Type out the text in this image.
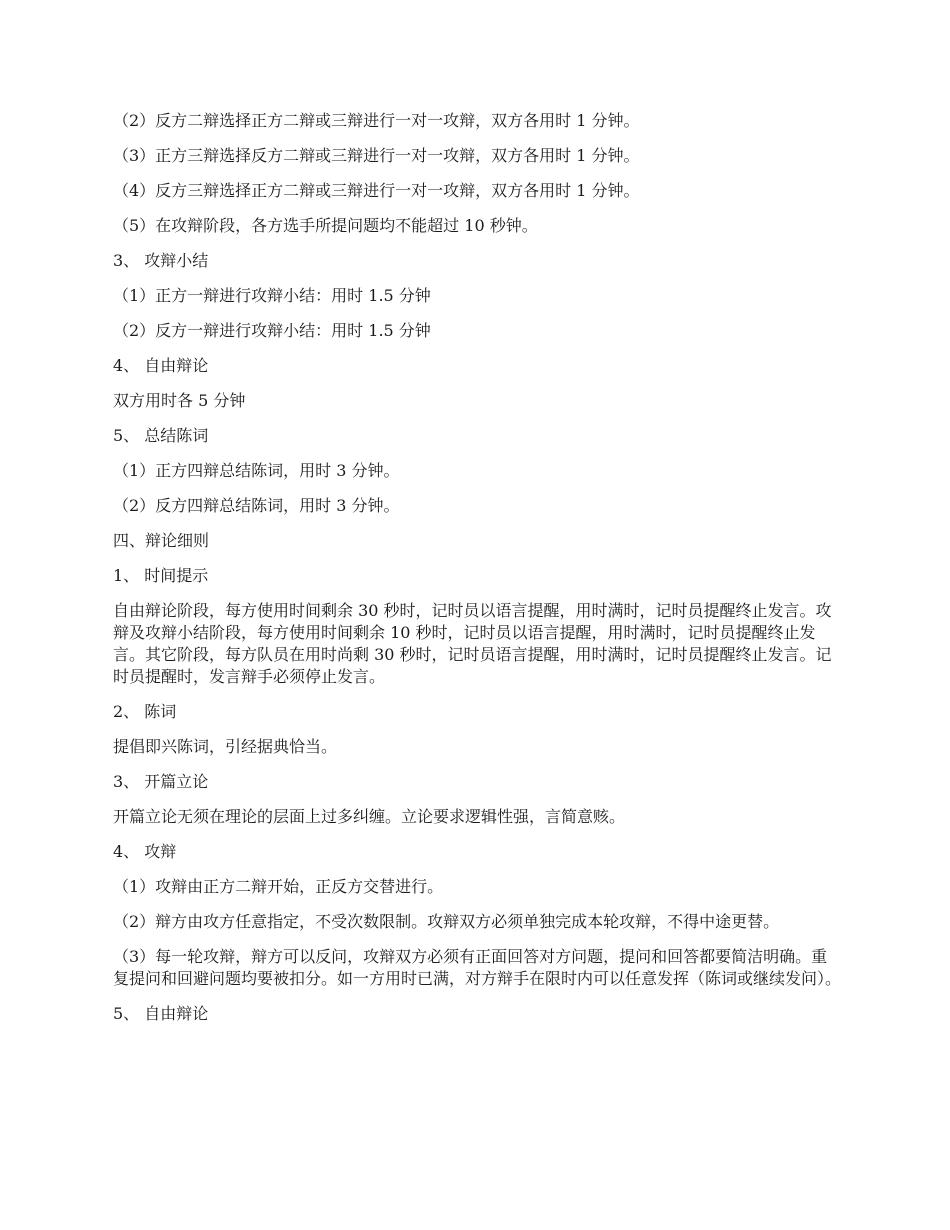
（2）反方二辩选择正方二辩或三辩进行一对一攻辩，双方各用时 1 分钟。

（3）正方三辩选择反方二辩或三辩进行一对一攻辩，双方各用时 1 分钟。

（4）反方三辩选择正方二辩或三辩进行一对一攻辩，双方各用时 1 分钟。

（5）在攻辩阶段，各方选手所提问题均不能超过 10 秒钟。

3、 攻辩小结

（1）正方一辩进行攻辩小结：用时 1.5 分钟

（2）反方一辩进行攻辩小结：用时 1.5 分钟

4、 自由辩论

双方用时各 5 分钟

5、 总结陈词

（1）正方四辩总结陈词，用时 3 分钟。

（2）反方四辩总结陈词，用时 3 分钟。

四、辩论细则

1、 时间提示

自由辩论阶段，每方使用时间剩余 30 秒时，记时员以语言提醒，用时满时，记时员提醒终止发言。攻辩及攻辩小结阶段，每方使用时间剩余 10 秒时，记时员以语言提醒，用时满时，记时员提醒终止发言。其它阶段，每方队员在用时尚剩 30 秒时，记时员语言提醒，用时满时，记时员提醒终止发言。记时员提醒时，发言辩手必须停止发言。

2、 陈词

提倡即兴陈词，引经据典恰当。

3、 开篇立论

开篇立论无须在理论的层面上过多纠缠。立论要求逻辑性强，言简意赅。

4、 攻辩

（1）攻辩由正方二辩开始，正反方交替进行。

（2）辩方由攻方任意指定，不受次数限制。攻辩双方必须单独完成本轮攻辩，不得中途更替。

（3）每一轮攻辩，辩方可以反问，攻辩双方必须有正面回答对方问题，提问和回答都要简洁明确。重复提问和回避问题均要被扣分。如一方用时已满，对方辩手在限时内可以任意发挥（陈词或继续发问）。

5、 自由辩论
